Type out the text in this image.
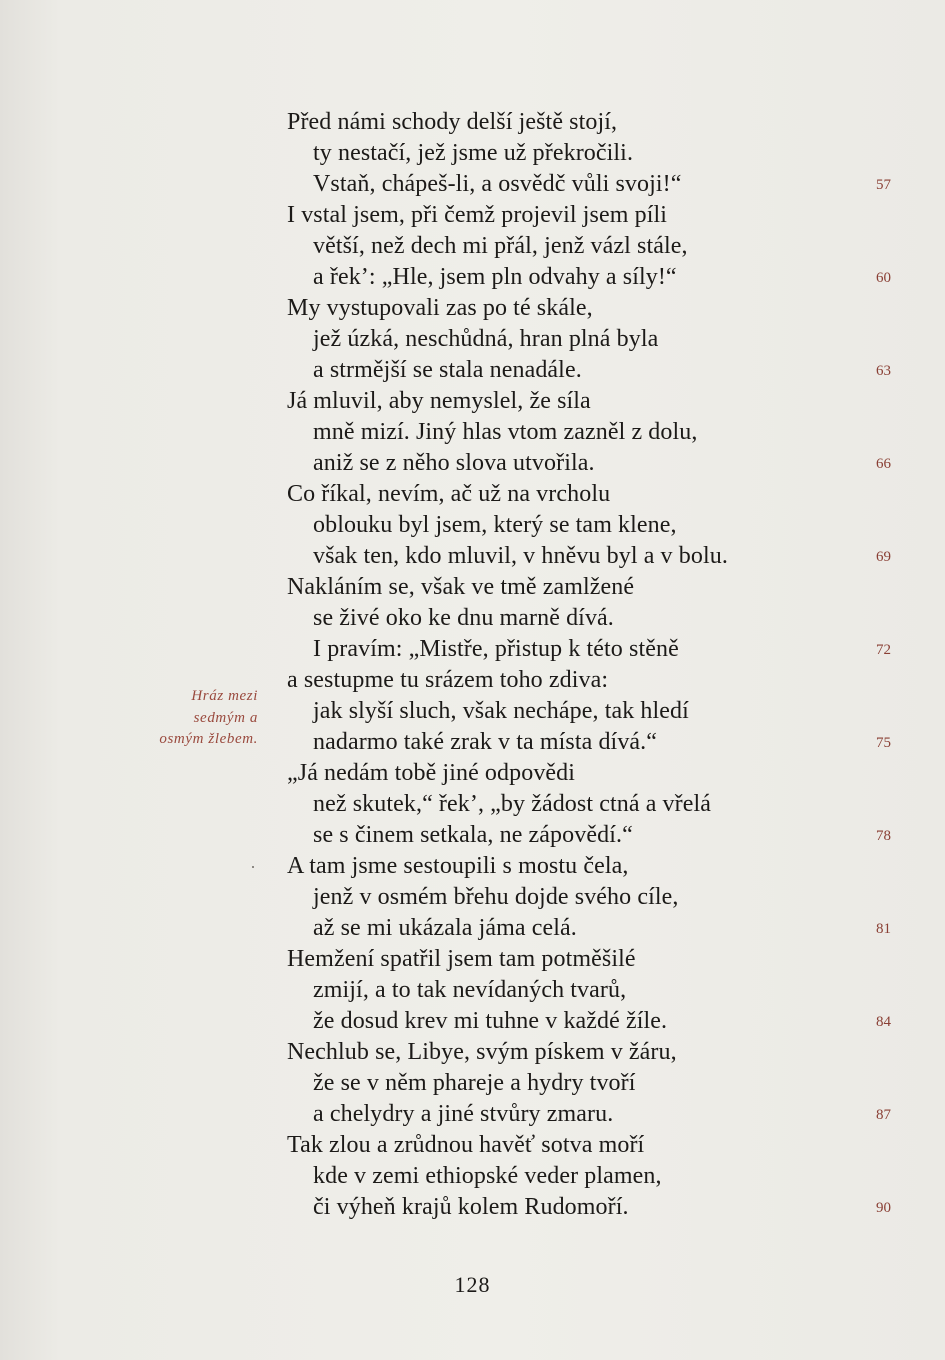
Před námi schody delší ještě stojí,
ty nestačí, jež jsme už překročili.
Vstaň, chápeš-li, a osvědč vůli svoji!“	57
I vstal jsem, při čemž projevil jsem píli
větší, než dech mi přál, jenž vázl stále,
a řek’: „Hle, jsem pln odvahy a síly!“	60
My vystupovali zas po té skále,
jež úzká, neschůdná, hran plná byla
a strmější se stala nenadále.	63
Já mluvil, aby nemyslel, že síla
mně mizí. Jiný hlas vtom zazněl z dolu,
aniž se z něho slova utvořila.	66
Co říkal, nevím, ač už na vrcholu
oblouku byl jsem, který se tam klene,
však ten, kdo mluvil, v hněvu byl a v bolu.	69
Nakláním se, však ve tmě zamlžené
se živé oko ke dnu marně dívá.
I pravím: „Mistře, přistup k této stěně	72
a sestupme tu srázem toho zdiva:
jak slyší sluch, však nechápe, tak hledí
nadarmo také zrak v ta místa dívá.“	75
„Já nedám tobě jiné odpovědi
než skutek,“ řek’, „by žádost ctná a vřelá
se s činem setkala, ne zápovědí.“	78
A tam jsme sestoupili s mostu čela,
jenž v osmém břehu dojde svého cíle,
až se mi ukázala jáma celá.	81
Hemžení spatřil jsem tam potměšilé
zmijí, a to tak nevídaných tvarů,
že dosud krev mi tuhne v každé žíle.	84
Nechlub se, Libye, svým pískem v žáru,
že se v něm phareje a hydry tvoří
a chelydry a jiné stvůry zmaru.	87
Tak zlou a zrůdnou havěť sotva moří
kde v zemi ethiopské veder plamen,
či výheň krajů kolem Rudomoří.	90
Hráz mezi
sedmým a
osmým žlebem.
128
